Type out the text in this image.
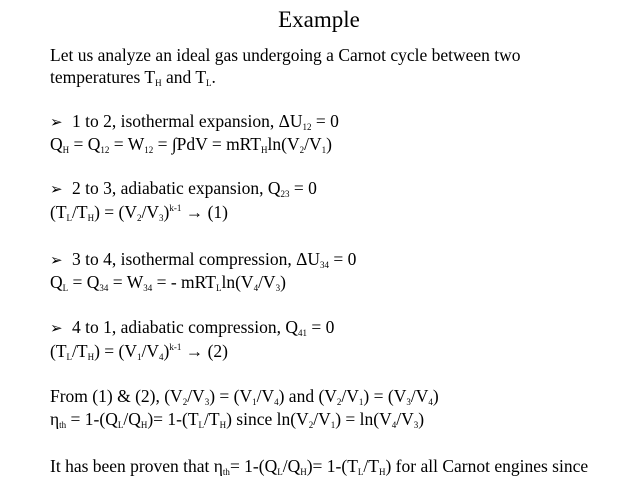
Example
Let us analyze an ideal gas undergoing a Carnot cycle between two
temperatures $T_H$ and $T_L$.
➢ 1 to 2, isothermal expansion, $\Delta U_{12} = 0$
$Q_H = Q_{12} = W_{12} = \int PdV = mRT_H\ln(V_2/V_1)$
➢ 2 to 3, adiabatic expansion, $Q_{23} = 0$
$(T_L/T_H) = (V_2/V_3)^{k-1} \to (1)$
➢ 3 to 4, isothermal compression, $\Delta U_{34} = 0$
$Q_L = Q_{34} = W_{34}$ = - $mRT_L\ln(V_4/V_3)$
➢ 4 to 1, adiabatic compression, $Q_{41} = 0$
$(T_L/T_H) = (V_1/V_4)^{k-1} \to (2)$
From (1) & (2), $(V_2/V_3) = (V_1/V_4)$ and $(V_2/V_1) = (V_3/V_4)$
$\eta_{th} = 1-(Q_L/Q_H)= 1-(T_L/T_H)$ since $\ln(V_2/V_1) = \ln(V_4/V_3)$
It has been proven that $\eta_{th}= 1-(Q_L/Q_H)= 1-(T_L/T_H)$ for all Carnot engines since
